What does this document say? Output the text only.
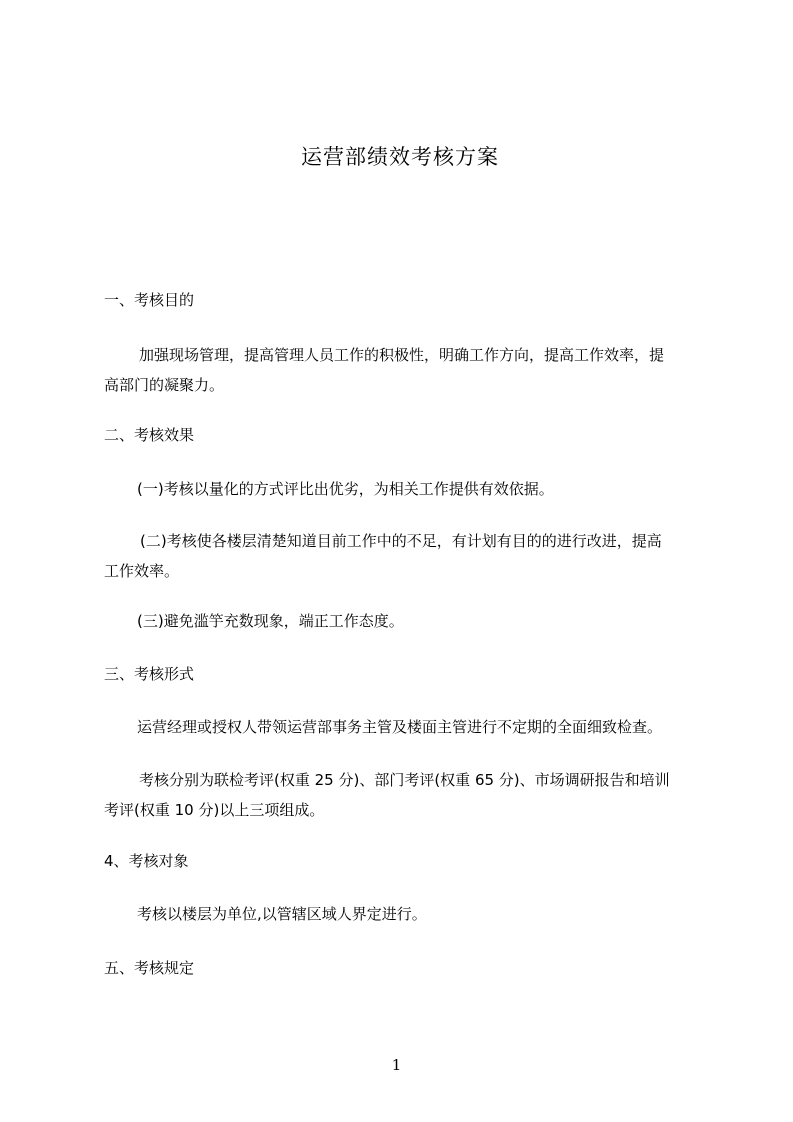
运营部绩效考核方案

一、考核目的

加强现场管理，提高管理人员工作的积极性，明确工作方向，提高工作效率，提
高部门的凝聚力。

二、考核效果

(一)考核以量化的方式评比出优劣，为相关工作提供有效依据。

(二)考核使各楼层清楚知道目前工作中的不足，有计划有目的的进行改进，提高
工作效率。

(三)避免滥竽充数现象，端正工作态度。

三、考核形式

运营经理或授权人带领运营部事务主管及楼面主管进行不定期的全面细致检查。

考核分别为联检考评(权重 25 分)、部门考评(权重 65 分)、市场调研报告和培训
考评(权重 10 分)以上三项组成。

4、考核对象

考核以楼层为单位,以管辖区域人界定进行。

五、考核规定

1
